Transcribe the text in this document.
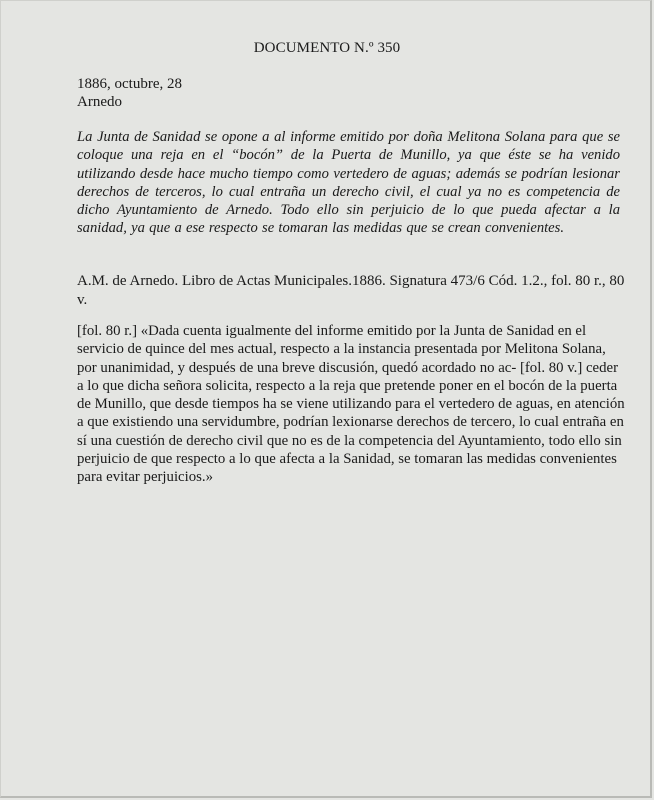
DOCUMENTO N.º 350
1886, octubre, 28
Arnedo
La Junta de Sanidad se opone a al informe emitido por doña Melitona Solana para que se coloque una reja en el “bocón” de la Puerta de Munillo, ya que éste se ha venido utilizando desde hace mucho tiempo como vertedero de aguas; además se podrían lesionar derechos de terceros, lo cual entraña un derecho civil, el cual ya no es competencia de dicho Ayuntamiento de Arnedo. Todo ello sin perjuicio de lo que pueda afectar a la sanidad, ya que a ese respecto se tomaran las medidas que se crean convenientes.
A.M. de Arnedo. Libro de Actas Municipales.1886. Signatura 473/6 Cód. 1.2., fol. 80 r., 80 v.
[fol. 80 r.] «Dada cuenta igualmente del informe emitido por la Junta de Sanidad en el servicio de quince del mes actual, respecto a la instancia presentada por Melitona Solana, por unanimidad, y después de una breve discusión, quedó acordado no ac- [fol. 80 v.] ceder a lo que dicha señora solicita, respecto a la reja que pretende poner en el bocón de la puerta de Munillo, que desde tiempos ha se viene utilizando para el vertedero de aguas, en atención a que existiendo una servidumbre, podrían lexionarse derechos de tercero, lo cual entraña en sí una cuestión de derecho civil que no es de la competencia del Ayuntamiento, todo ello sin perjuicio de que respecto a lo que afecta a la Sanidad, se tomaran las medidas convenientes para evitar perjuicios.»
